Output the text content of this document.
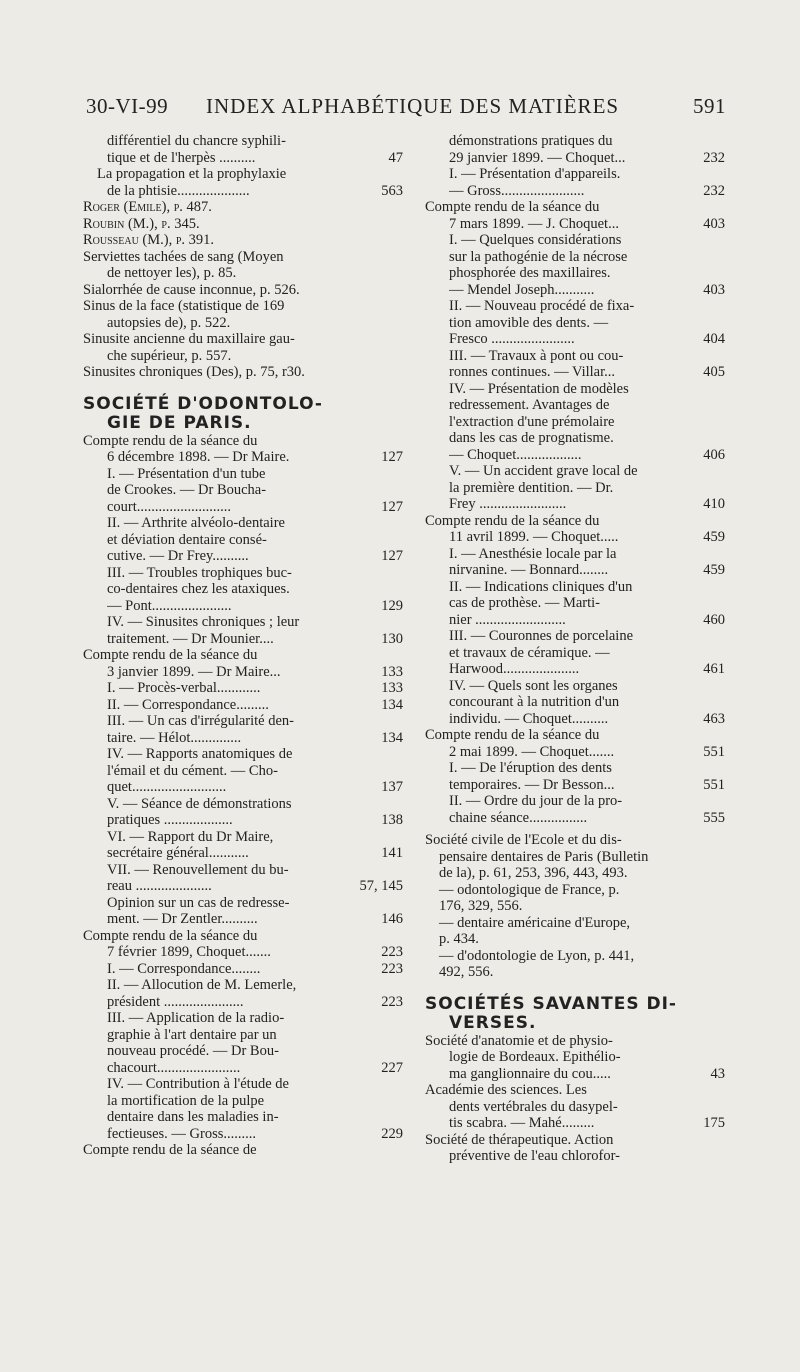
30-VI-99 INDEX ALPHABÉTIQUE DES MATIÈRES	591
différentiel du chancre syphili-
tique et de l'herpès ..........	47
La propagation et la prophylaxie
de la phtisie....................	563
Roger (Emile), p. 487.
Roubin (M.), p. 345.
Rousseau (M.), p. 391.
Serviettes tachées de sang (Moyen
de nettoyer les), p. 85.
Sialorrhée de cause inconnue, p. 526.
Sinus de la face (statistique de 169
autopsies de), p. 522.
Sinusite ancienne du maxillaire gau-
che supérieur, p. 557.
Sinusites chroniques (Des), p. 75, r30.
SOCIÉTÉ D'ODONTOLO-
GIE DE PARIS.
Compte rendu de la séance du
6 décembre 1898. — Dr Maire.	127
I. — Présentation d'un tube
de Crookes. — Dr Boucha-
court..........................	127
II. — Arthrite alvéolo-dentaire
et déviation dentaire consé-
cutive. — Dr Frey..........	127
III. — Troubles trophiques buc-
co-dentaires chez les ataxiques.
— Pont......................	129
IV. — Sinusites chroniques ; leur
traitement. — Dr Mounier....	130
Compte rendu de la séance du
3 janvier 1899. — Dr Maire...	133
I. — Procès-verbal............	133
II. — Correspondance.........	134
III. — Un cas d'irrégularité den-
taire. — Hélot..............	134
IV. — Rapports anatomiques de
l'émail et du cément. — Cho-
quet..........................	137
V. — Séance de démonstrations
pratiques ...................	138
VI. — Rapport du Dr Maire,
secrétaire général...........	141
VII. — Renouvellement du bu-
reau .....................	57, 145
Opinion sur un cas de redresse-
ment. — Dr Zentler..........	146
Compte rendu de la séance du
7 février 1899, Choquet.......	223
I. — Correspondance........	223
II. — Allocution de M. Lemerle,
président ......................	223
III. — Application de la radio-
graphie à l'art dentaire par un
nouveau procédé. — Dr Bou-
chacourt.......................	227
IV. — Contribution à l'étude de
la mortification de la pulpe
dentaire dans les maladies in-
fectieuses. — Gross.........	229
Compte rendu de la séance de
démonstrations pratiques du
29 janvier 1899. — Choquet...	232
I. — Présentation d'appareils.
— Gross.......................	232
Compte rendu de la séance du
7 mars 1899. — J. Choquet...	403
I. — Quelques considérations
sur la pathogénie de la nécrose
phosphorée des maxillaires.
— Mendel Joseph...........	403
II. — Nouveau procédé de fixa-
tion amovible des dents. —
Fresco .......................	404
III. — Travaux à pont ou cou-
ronnes continues. — Villar...	405
IV. — Présentation de modèles
redressement. Avantages de
l'extraction d'une prémolaire
dans les cas de prognatisme.
— Choquet..................	406
V. — Un accident grave local de
la première dentition. — Dr.
Frey ........................	410
Compte rendu de la séance du
11 avril 1899. — Choquet.....	459
I. — Anesthésie locale par la
nirvanine. — Bonnard........	459
II. — Indications cliniques d'un
cas de prothèse. — Marti-
nier .........................	460
III. — Couronnes de porcelaine
et travaux de céramique. —
Harwood.....................	461
IV. — Quels sont les organes
concourant à la nutrition d'un
individu. — Choquet..........	463
Compte rendu de la séance du
2 mai 1899. — Choquet.......	551
I. — De l'éruption des dents
temporaires. — Dr Besson...	551
II. — Ordre du jour de la pro-
chaine séance................	555
Société civile de l'Ecole et du dis-
pensaire dentaires de Paris (Bulletin
de la), p. 61, 253, 396, 443, 493.
— odontologique de France, p.
176, 329, 556.
— dentaire américaine d'Europe,
p. 434.
— d'odontologie de Lyon, p. 441,
492, 556.
SOCIÉTÉS SAVANTES DI-
VERSES.
Société d'anatomie et de physio-
logie de Bordeaux. Epithélio-
ma ganglionnaire du cou.....	43
Académie des sciences. Les
dents vertébrales du dasypel-
tis scabra. — Mahé.........	175
Société de thérapeutique. Action
préventive de l'eau chlorofor-
